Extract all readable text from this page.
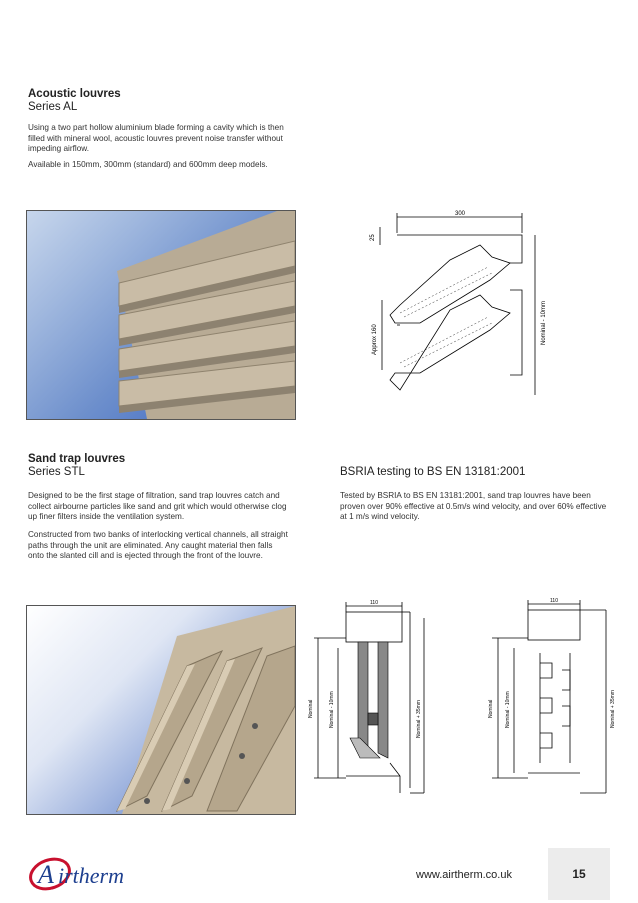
Acoustic louvres
Series AL
Using a two part hollow aluminium blade forming a cavity which is then filled with mineral wool, acoustic louvres prevent noise transfer without impeding airflow.
Available in 150mm, 300mm (standard) and 600mm deep models.
300
25
Approx 160	Nominal - 10mm
Sand trap louvres
Series STL
Designed to be the first stage of filtration, sand trap louvres catch and collect airbourne particles like sand and grit which would otherwise clog up finer filters inside the ventilation system.
Constructed from two banks of interlocking vertical channels, all straight paths through the unit are eliminated. Any caught material then falls onto the slanted cill and is ejected through the front of the louvre.
BSRIA testing to BS EN 13181:2001
Tested by BSRIA to BS EN 13181:2001, sand trap louvres have been proven over 90% effective at 0.5m/s wind velocity, and over 60% effective at 1 m/s wind velocity.
Nominal	Nominal - 10mm	Nominal + 35mm
110
Nominal Nominal - 10mm	Nominal + 35mm
110
A irtherm	www.airtherm.co.uk	15
